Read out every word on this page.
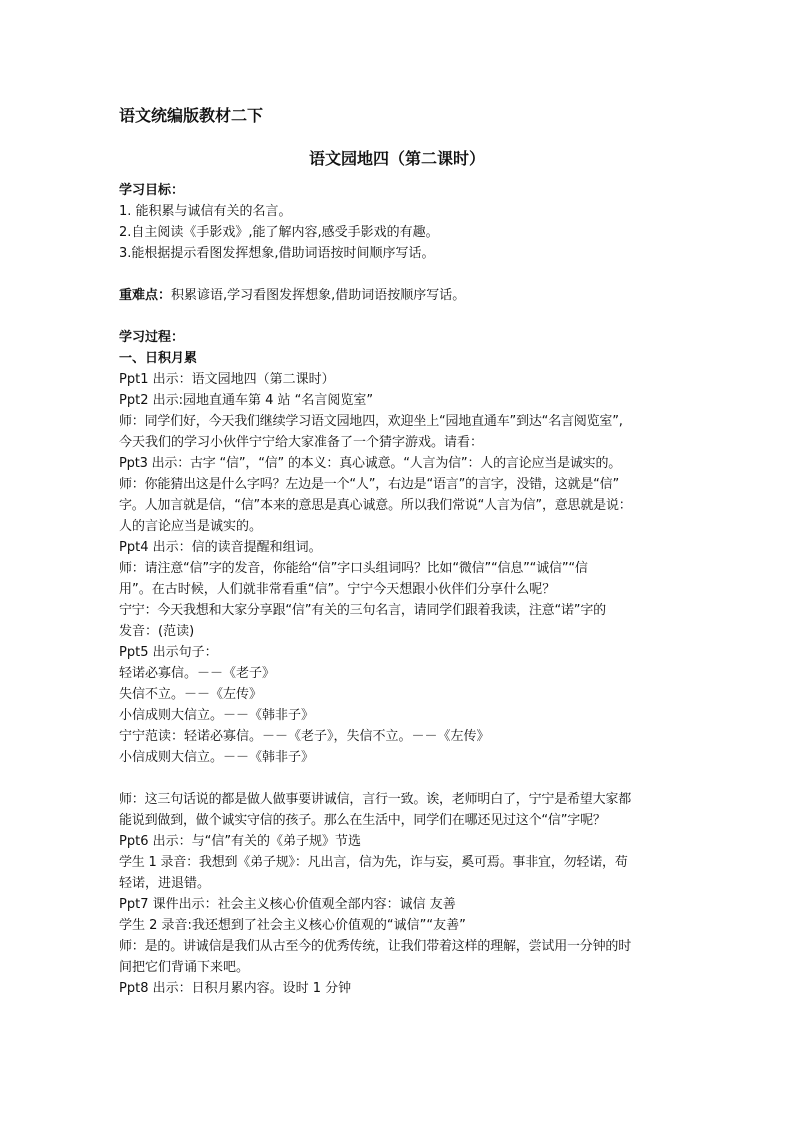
语文统编版教材二下
语文园地四（第二课时）

学习目标：

1. 能积累与诚信有关的名言。

2.自主阅读《手影戏》,能了解内容,感受手影戏的有趣。

3.能根据提示看图发挥想象,借助词语按时间顺序写话。

重难点：积累谚语,学习看图发挥想象,借助词语按顺序写话。

学习过程：

一、日积月累

Ppt1 出示：语文园地四（第二课时）

Ppt2 出示:园地直通车第 4 站 “名言阅览室”

师：同学们好，今天我们继续学习语文园地四，欢迎坐上“园地直通车”到达“名言阅览室”,

今天我们的学习小伙伴宁宁给大家准备了一个猜字游戏。请看：

Ppt3 出示：古字 “信”，“信” 的本义：真心诚意。“人言为信”：人的言论应当是诚实的。

师：你能猜出这是什么字吗？左边是一个“人”，右边是“语言”的言字，没错，这就是“信”

字。人加言就是信，“信”本来的意思是真心诚意。所以我们常说“人言为信”，意思就是说：

人的言论应当是诚实的。

Ppt4 出示：信的读音提醒和组词。

师：请注意“信”字的发音，你能给“信”字口头组词吗？比如“微信”“信息”“诚信”“信

用”。在古时候，人们就非常看重“信”。宁宁今天想跟小伙伴们分享什么呢？

宁宁：今天我想和大家分享跟“信”有关的三句名言，请同学们跟着我读，注意“诺”字的

发音：(范读)

Ppt5 出示句子：

轻诺必寡信。－－《老子》

失信不立。－－《左传》

小信成则大信立。－－《韩非子》

宁宁范读：轻诺必寡信。－－《老子》，失信不立。－－《左传》

小信成则大信立。－－《韩非子》

师：这三句话说的都是做人做事要讲诚信，言行一致。诶，老师明白了，宁宁是希望大家都

能说到做到，做个诚实守信的孩子。那么在生活中，同学们在哪还见过这个“信”字呢？

Ppt6 出示：与“信”有关的《弟子规》节选

学生 1 录音：我想到《弟子规》：凡出言，信为先，诈与妄，奚可焉。事非宜，勿轻诺，苟

轻诺，进退错。

Ppt7 课件出示：社会主义核心价值观全部内容：诚信 友善

学生 2 录音:我还想到了社会主义核心价值观的“诚信”“友善”

师：是的。讲诚信是我们从古至今的优秀传统，让我们带着这样的理解，尝试用一分钟的时

间把它们背诵下来吧。

Ppt8 出示：日积月累内容。设时 1 分钟
